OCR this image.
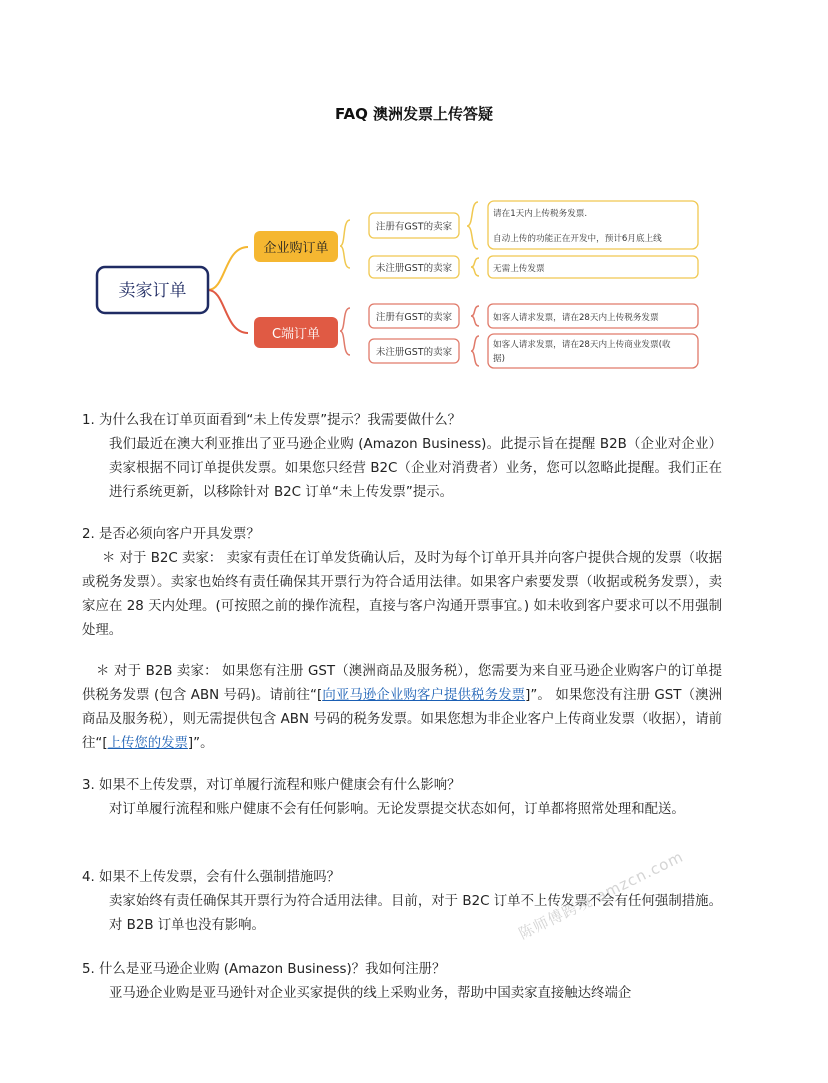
FAQ 澳洲发票上传答疑
卖家订单
企业购订单
注册有GST的卖家
未注册GST的卖家
请在1天内上传税务发票.
自动上传的功能正在开发中，预计6月底上线
无需上传发票
C端订单
注册有GST的卖家
未注册GST的卖家
如客人请求发票，请在28天内上传税务发票
如客人请求发票，请在28天内上传商业发票(收
据)
1. 为什么我在订单页面看到“未上传发票”提示？我需要做什么？
我们最近在澳大利亚推出了亚马逊企业购 (Amazon Business)。此提示旨在提醒 B2B（企业对企业）卖家根据不同订单提供发票。如果您只经营 B2C（企业对消费者）业务，您可以忽略此提醒。我们正在进行系统更新，以移除针对 B2C 订单“未上传发票”提示。
2. 是否必须向客户开具发票？
＊ 对于 B2C 卖家： 卖家有责任在订单发货确认后，及时为每个订单开具并向客户提供合规的发票（收据或税务发票）。卖家也始终有责任确保其开票行为符合适用法律。如果客户索要发票（收据或税务发票），卖家应在 28 天内处理。(可按照之前的操作流程，直接与客户沟通开票事宜。) 如未收到客户要求可以不用强制处理。
＊ 对于 B2B 卖家： 如果您有注册 GST（澳洲商品及服务税），您需要为来自亚马逊企业购客户的订单提供税务发票 (包含 ABN 号码)。请前往“[向亚马逊企业购客户提供税务发票]”。 如果您没有注册 GST（澳洲商品及服务税），则无需提供包含 ABN 号码的税务发票。如果您想为非企业客户上传商业发票（收据），请前往“[上传您的发票]”。
3. 如果不上传发票，对订单履行流程和账户健康会有什么影响？
对订单履行流程和账户健康不会有任何影响。无论发票提交状态如何，订单都将照常处理和配送。
4. 如果不上传发票，会有什么强制措施吗？
卖家始终有责任确保其开票行为符合适用法律。目前，对于 B2C 订单不上传发票不会有任何强制措施。对 B2B 订单也没有影响。
5. 什么是亚马逊企业购 (Amazon Business)？我如何注册？
亚马逊企业购是亚马逊针对企业买家提供的线上采购业务，帮助中国卖家直接触达终端企
陈师傅跨境 amzcn.com
